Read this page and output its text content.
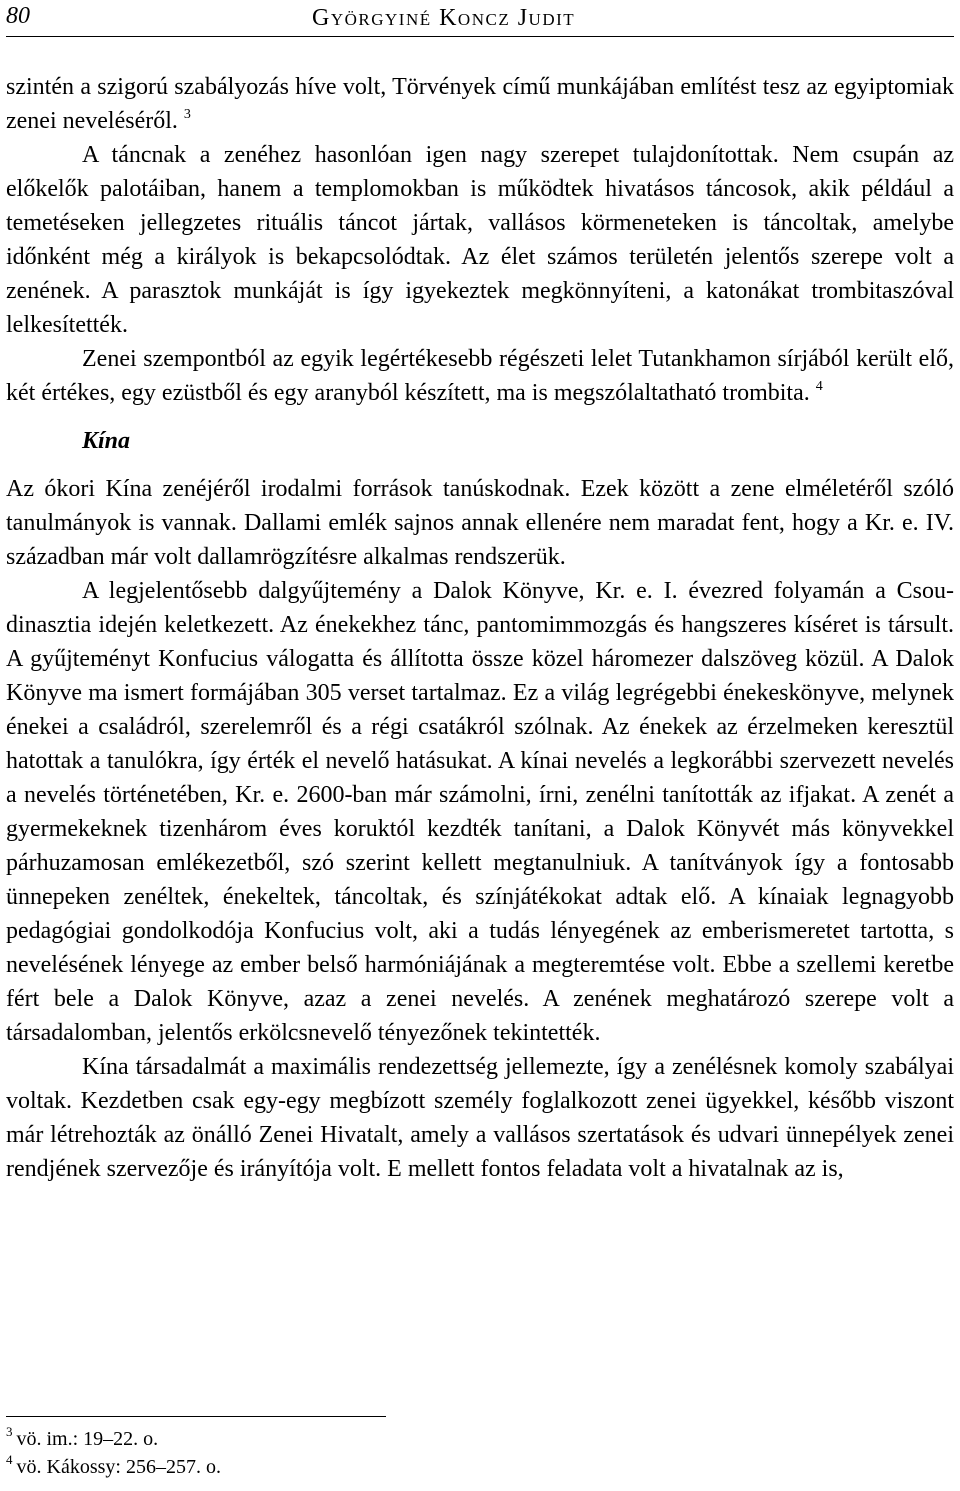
80	Györgyiné Koncz Judit

szintén a szigorú szabályozás híve volt, Törvények című munkájában említést tesz az egyiptomiak zenei neveléséről. $^3$

A táncnak a zenéhez hasonlóan igen nagy szerepet tulajdonítottak. Nem csupán az előkelők palotáiban, hanem a templomokban is működtek hivatásos táncosok, akik például a temetéseken jellegzetes rituális táncot jártak, vallásos körmeneteken is táncoltak, amelybe időnként még a királyok is bekapcsolódtak. Az élet számos területén jelentős szerepe volt a zenének. A parasztok munkáját is így igyekeztek megkönnyíteni, a katonákat trombitaszóval lelkesítették.

Zenei szempontból az egyik legértékesebb régészeti lelet Tutankhamon sírjából került elő, két értékes, egy ezüstből és egy aranyból készített, ma is megszólaltatható trombita. $^4$

Kína

Az ókori Kína zenéjéről irodalmi források tanúskodnak. Ezek között a zene elméletéről szóló tanulmányok is vannak. Dallami emlék sajnos annak ellenére nem maradat fent, hogy a Kr. e. IV. században már volt dallamrögzítésre alkalmas rendszerük.

A legjelentősebb dalgyűjtemény a Dalok Könyve, Kr. e. I. évezred folyamán a Csou-dinasztia idején keletkezett. Az énekekhez tánc, pantomimmozgás és hangszeres kíséret is társult. A gyűjteményt Konfucius válogatta és állította össze közel háromezer dalszöveg közül. A Dalok Könyve ma ismert formájában 305 verset tartalmaz. Ez a világ legrégebbi énekeskönyve, melynek énekei a családról, szerelemről és a régi csatákról szólnak. Az énekek az érzelmeken keresztül hatottak a tanulókra, így érték el nevelő hatásukat. A kínai nevelés a legkorábbi szervezett nevelés a nevelés történetében, Kr. e. 2600-ban már számolni, írni, zenélni tanították az ifjakat. A zenét a gyermekeknek tizenhárom éves koruktól kezdték tanítani, a Dalok Könyvét más könyvekkel párhuzamosan emlékezetből, szó szerint kellett megtanulniuk. A tanítványok így a fontosabb ünnepeken zenéltek, énekeltek, táncoltak, és színjátékokat adtak elő. A kínaiak legnagyobb pedagógiai gondolkodója Konfucius volt, aki a tudás lényegének az emberismeretet tartotta, s nevelésének lényege az ember belső harmóniájának a megteremtése volt. Ebbe a szellemi keretbe fért bele a Dalok Könyve, azaz a zenei nevelés. A zenének meghatározó szerepe volt a társadalomban, jelentős erkölcsnevelő tényezőnek tekintették.

Kína társadalmát a maximális rendezettség jellemezte, így a zenélésnek komoly szabályai voltak. Kezdetben csak egy-egy megbízott személy foglalkozott zenei ügyekkel, később viszont már létrehozták az önálló Zenei Hivatalt, amely a vallásos szertatások és udvari ünnepélyek zenei rendjének szervezője és irányítója volt. E mellett fontos feladata volt a hivatalnak az is,

$^3$ vö. im.: 19–22. o.

$^4$ vö. Kákossy: 256–257. o.
